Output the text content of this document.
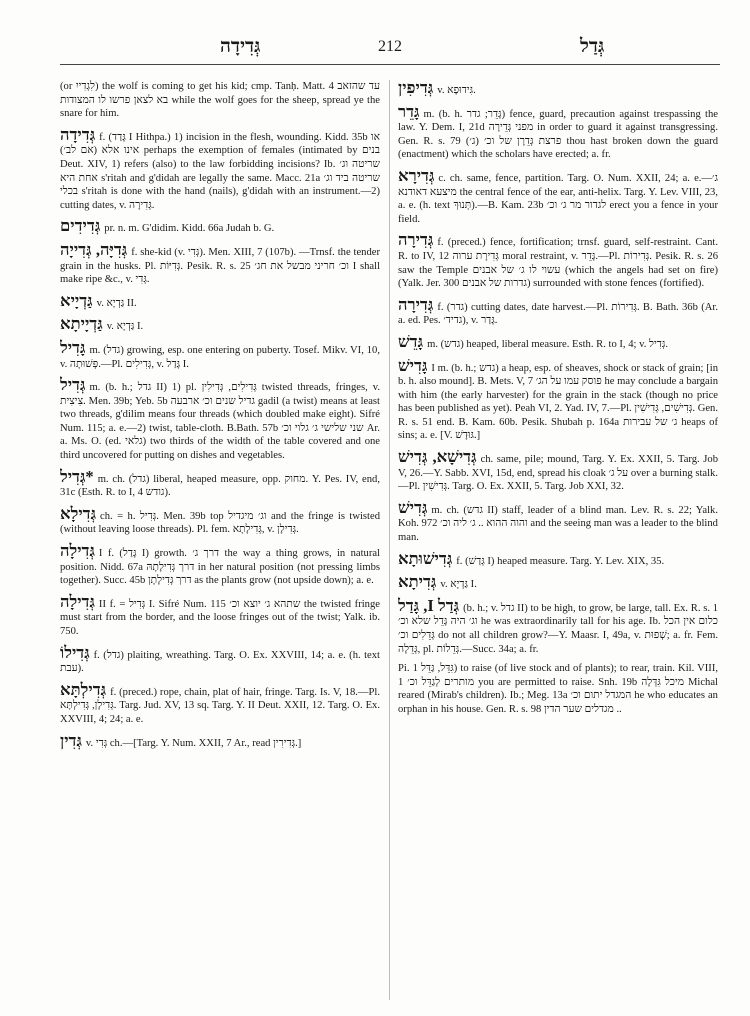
גְּדִידָה	212	גְּדַל
(or לִגְדִייִ) the wolf is coming to get his kid; cmp. Tanḥ. Matt. 4 עד שהזאב בא לצאן פרשו לו המצודות while the wolf goes for the sheep, spread ye the snare for him.
גְּדִידָה f. (גָּדַד I Hithpa.) 1) incision in the flesh, wounding. Kidd. 35b או אינו אלא (אם לב׳) perhaps the exemption of females (intimated by בנים Deut. XIV, 1) refers (also) to the law forbidding incisions? Ib. שריטה וג׳ אחת היא s'ritah and g'didah are legally the same. Macc. 21a שריטה ביד וג׳ בכלי s'ritah is done with the hand (nails), g'didah with an instrument.—2) cutting dates, v. גְּדִירָה.
גְּדִידִים pr. n. m. G'didim. Kidd. 66a Judah b. G.
גְּדִיָּה, גְּדִייָה f. she-kid (v. גְּדִי). Men. XIII, 7 (107b). —Trnsf. the tender grain in the husks. Pl. גְּדִיּוֹת. Pesik. R. s. 25 וכ׳ חריני מבשל את חג׳ I shall make ripe &c., v. גְּדִי.
גַּדְיָיא v. גַּדְיָא II.
גַּדְיָיתָא v. גַּדְיָא I.
גָּדִיל m. (גדל) growing, esp. one entering on puberty. Tosef. Mikv. VI, 10, v. פְּשׁוּתָה.—Pl. גְּדִילִים, v. גָּדַל I.
גְּדִיל m. (b. h.; גדל II) 1) pl. גְּדִילִים, גְּדִילִין twisted threads, fringes, v. צִיצִית. Men. 39b; Yeb. 5b גדיל שנים וכ׳ ארבעה gadil (a twist) means at least two threads, g'dilim means four threads (which doubled make eight). Sifré Num. 115; a. e.—2) twist, table-cloth. B.Bath. 57b שני שלישי ג׳ גלוי וכ׳ Ar. a. Ms. O. (ed. גלאי) two thirds of the width of the table covered and one third uncovered for putting on dishes and vegetables.
*גְּדִיל m. ch. (גדל) liberal, heaped measure, opp. מחוק. Y. Pes. IV, end, 31c (Esth. R. to I, 4 גודש).
גְּדִילָא ch. = h. גְּדִיל. Men. 39b top וג׳ מיגדיל and the fringe is twisted (without leaving loose threads). Pl. fem. גְּדִילָתָא, v. גְּדִילָן.
גְּדִילָה I f. (גָּדַל I) growth. דרך ג׳ the way a thing grows, in natural position. Nidd. 67a דרך גְּדִילָתָהּ in her natural position (not pressing limbs together). Succ. 45b דרך גְּדִילָתָן as the plants grow (not upside down); a. e.
גְּדִילָה II f. = גְּדִיל I. Sifré Num. 115 שתהא ג׳ יוצא וכ׳ the twisted fringe must start from the border, and the loose fringes out of the twist; Yalk. ib. 750.
גְּדִילוֹ f. (גדל) plaiting, wreathing. Targ. O. Ex. XXVIII, 14; a. e. (h. text עבת).
גְּדִילְתָּא f. (preced.) rope, chain, plat of hair, fringe. Targ. Is. V, 18.—Pl. גְּדִילָן, גְּדִילְתָּא. Targ. Jud. XV, 13 sq. Targ. Y. II Deut. XXII, 12. Targ. O. Ex. XXVIII, 4; 24; a. e.
גְּדִין v. גְּדִי ch.—[Targ. Y. Num. XXII, 7 Ar., read גְּדִירִין.]
גְּדִיפִין v. גִּידוּפָא.
גָּדֵר m. (b. h. גָּדֵר; גדר) fence, guard, precaution against trespassing the law. Y. Dem. I, 21d מפני גְּדֵירָה in order to guard it against transgressing. Gen. R. s. 79 (ג׳) פרצת גְּדֵרָן של וכ׳ thou hast broken down the guard (enactment) which the scholars have erected; a. fr.
גְּדִירָא c. ch. same, fence, partition. Targ. O. Num. XXII, 24; a. e.—ג׳ מיצעא דאודנא the central fence of the ear, anti-helix. Targ. Y. Lev. VIII, 23, a. e. (h. text תְּנוּךְ).—B. Kam. 23b לגדור מר ג׳ וכ׳ erect you a fence in your field.
גְּדִירָה f. (preced.) fence, fortification; trnsf. guard, self-restraint. Cant. R. to IV, 12 גְּדִירָת ערוה moral restraint, v. גָּדֵר.—Pl. גְּדִירוֹת. Pesik. R. s. 26 saw the Temple עשוי לו ג׳ של אבנים (which the angels had set on fire) (Yalk. Jer. 300 גדרות של אבנים) surrounded with stone fences (fortified).
גְּדִירָה f. (גדר) cutting dates, date harvest.—Pl. גְּדִירוֹת. B. Bath. 36b (Ar. a. ed. Pes. גדיד׳), v. גָּדַר.
גָּדֵשׁ m. (גדש) heaped, liberal measure. Esth. R. to I, 4; v. גְּדִיל.
גָּדִישׁ I m. (b. h.; גדש) a heap, esp. of sheaves, shock or stack of grain; [in b. h. also mound]. B. Mets. V, 7 פוסק עמו על הג׳ he may conclude a bargain with him (the early harvester) for the grain in the stack (though no price has been published as yet). Peah VI, 2. Yad. IV, 7.—Pl. גְּדִישִׁים, גְּדִישִׁין. Gen. R. s. 51 end. B. Kam. 60b. Pesik. Shubah p. 164a ג׳ של עבירות heaps of sins; a. e. [V. גּוּדָשׁ.]
גְּדִישָׁא, גְּדִישׁ ch. same, pile; mound, Targ. Y. Ex. XXII, 5. Targ. Job V, 26.—Y. Sabb. XVI, 15d, end, spread his cloak על ג׳ over a burning stalk.—Pl. גְּדִישִׁין. Targ. O. Ex. XXII, 5. Targ. Job XXI, 32.
גְּדִישׁ m. ch. (גדש II) staff, leader of a blind man. Lev. R. s. 22; Yalk. Koh. 972 והוה ההוא .. ג׳ ליה וכ׳ and the seeing man was a leader to the blind man.
גְּדִישׁוּתָא f. (גְּדַשׁ I) heaped measure. Targ. Y. Lev. XIX, 35.
גְּדִיתָא v. גַּדְיָא I.
גְּדַל I, גָּדַל (b. h.; v. גדל II) to be high, to grow, be large, tall. Ex. R. s. 1 וג׳ היה גָּדֵל שלא וכ׳ he was extraordinarily tall for his age. Ib. כלום אין הכל גְּדֵלִים וכ׳ do not all children grow?—Y. Maasr. I, 49a, v. שְׁפוּת; a. fr. Fem. גְּדֵלָה, pl. גְּדֵלוֹת.—Succ. 34a; a. fr.
Pi. גִּדֵּל, גַּדֵּל 1) to raise (of live stock and of plants); to rear, train. Kil. VIII, 1 מותרים לְגַדֵּל וכ׳ you are permitted to raise. Snh. 19b מיכל גִּדְּלָה Michal reared (Mirab's children). Ib.; Meg. 13a המגדל יתום וכ׳ he who educates an orphan in his house. Gen. R. s. 98 מגדלים שער הדין ..
